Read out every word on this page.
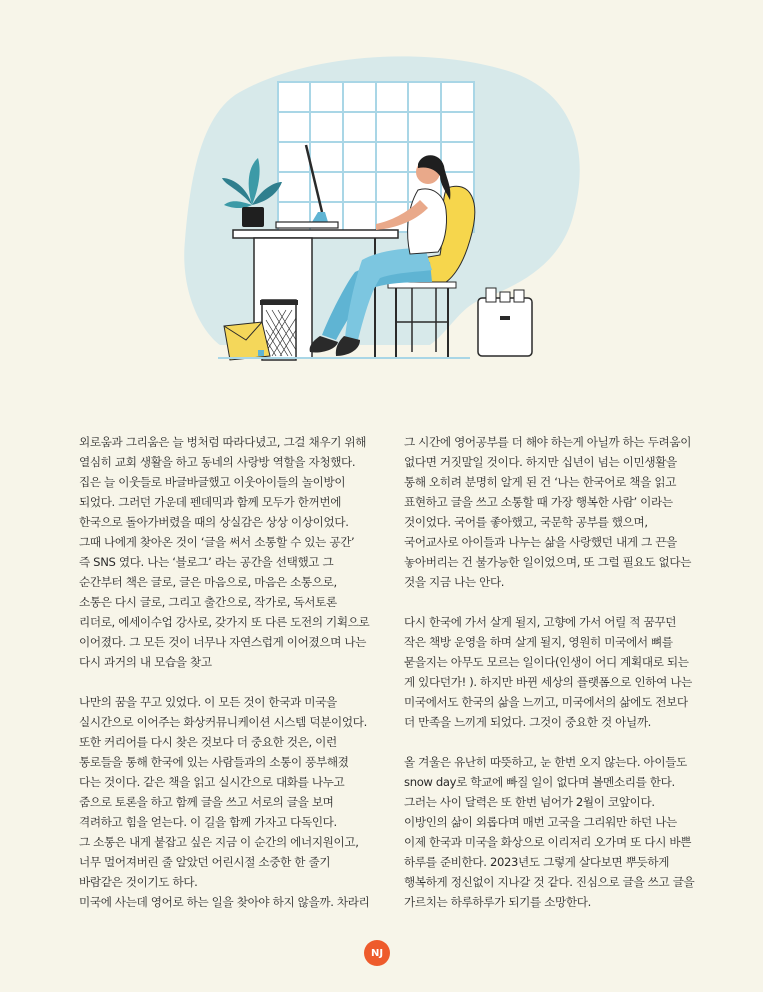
외로움과 그리움은 늘 벙처럼 따라다녔고, 그걸 채우기 위해
열심히 교회 생활을 하고 동네의 사랑방 역할을 자청했다.
집은 늘 이웃들로 바글바글했고 이웃아이들의 놀이방이
되었다. 그러던 가운데 펜데믹과 함께 모두가 한꺼번에
한국으로 돌아가버렸을 때의 상실감은 상상 이상이었다.
그때 나에게 찾아온 것이 ‘글을 써서 소통할 수 있는 공간’
즉 SNS 였다. 나는 ‘블로그’ 라는 공간을 선택했고 그
순간부터 책은 글로, 글은 마음으로, 마음은 소통으로,
소통은 다시 글로, 그리고 출간으로, 작가로, 독서토론
리더로, 에세이수업 강사로, 갖가지 또 다른 도전의 기획으로
이어졌다. 그 모든 것이 너무나 자연스럽게 이어졌으며 나는
다시 과거의 내 모습을 찾고

나만의 꿈을 꾸고 있었다. 이 모든 것이 한국과 미국을
실시간으로 이어주는 화상커뮤니케이션 시스템 덕분이었다.
또한 커리어를 다시 찾은 것보다 더 중요한 것은, 이런
통로들을 통해 한국에 있는 사람들과의 소통이 풍부해졌
다는 것이다. 같은 책을 읽고 실시간으로 대화를 나누고
줌으로 토론을 하고 함께 글을 쓰고 서로의 글을 보며
격려하고 힘을 얻는다. 이 길을 함께 가자고 다독인다.
그 소통은 내게 붙잡고 싶은 지금 이 순간의 에너지원이고,
너무 멀어져버린 줄 알았던 어린시절 소중한 한 줄기
바람같은 것이기도 하다.
미국에 사는데 영어로 하는 일을 찾아야 하지 않을까. 차라리

그 시간에 영어공부를 더 해야 하는게 아닐까 하는 두려움이
없다면 거짓말일 것이다. 하지만 십년이 넘는 이민생활을
통해 오히려 분명히 알게 된 건 ‘나는 한국어로 책을 읽고
표현하고 글을 쓰고 소통할 때 가장 행복한 사람’ 이라는
것이었다. 국어를 좋아했고, 국문학 공부를 했으며,
국어교사로 아이들과 나누는 삶을 사랑했던 내게 그 끈을
놓아버리는 건 불가능한 일이었으며, 또 그럴 필요도 없다는
것을 지금 나는 안다.

다시 한국에 가서 살게 될지, 고향에 가서 어릴 적 꿈꾸던
작은 책방 운영을 하며 살게 될지, 영원히 미국에서 뼈를
묻을지는 아무도 모르는 일이다(인생이 어디 계획대로 되는
게 있다던가! ). 하지만 바뀐 세상의 플랫폼으로 인하여 나는
미국에서도 한국의 삶을 느끼고, 미국에서의 삶에도 전보다
더 만족을 느끼게 되었다. 그것이 중요한 것 아닐까.

올 겨울은 유난히 따뜻하고, 눈 한번 오지 않는다. 아이들도
snow day로 학교에 빠질 일이 없다며 볼멘소리를 한다.
그러는 사이 달력은 또 한번 넘어가 2월이 코앞이다.
이방인의 삶이 외롭다며 매번 고국을 그리워만 하던 나는
이제 한국과 미국을 화상으로 이리저리 오가며 또 다시 바쁜
하루를 준비한다. 2023년도 그렇게 살다보면 뿌듯하게
행복하게 정신없이 지나갈 것 같다. 진심으로 글을 쓰고 글을
가르치는 하루하루가 되기를 소망한다.

NJ
